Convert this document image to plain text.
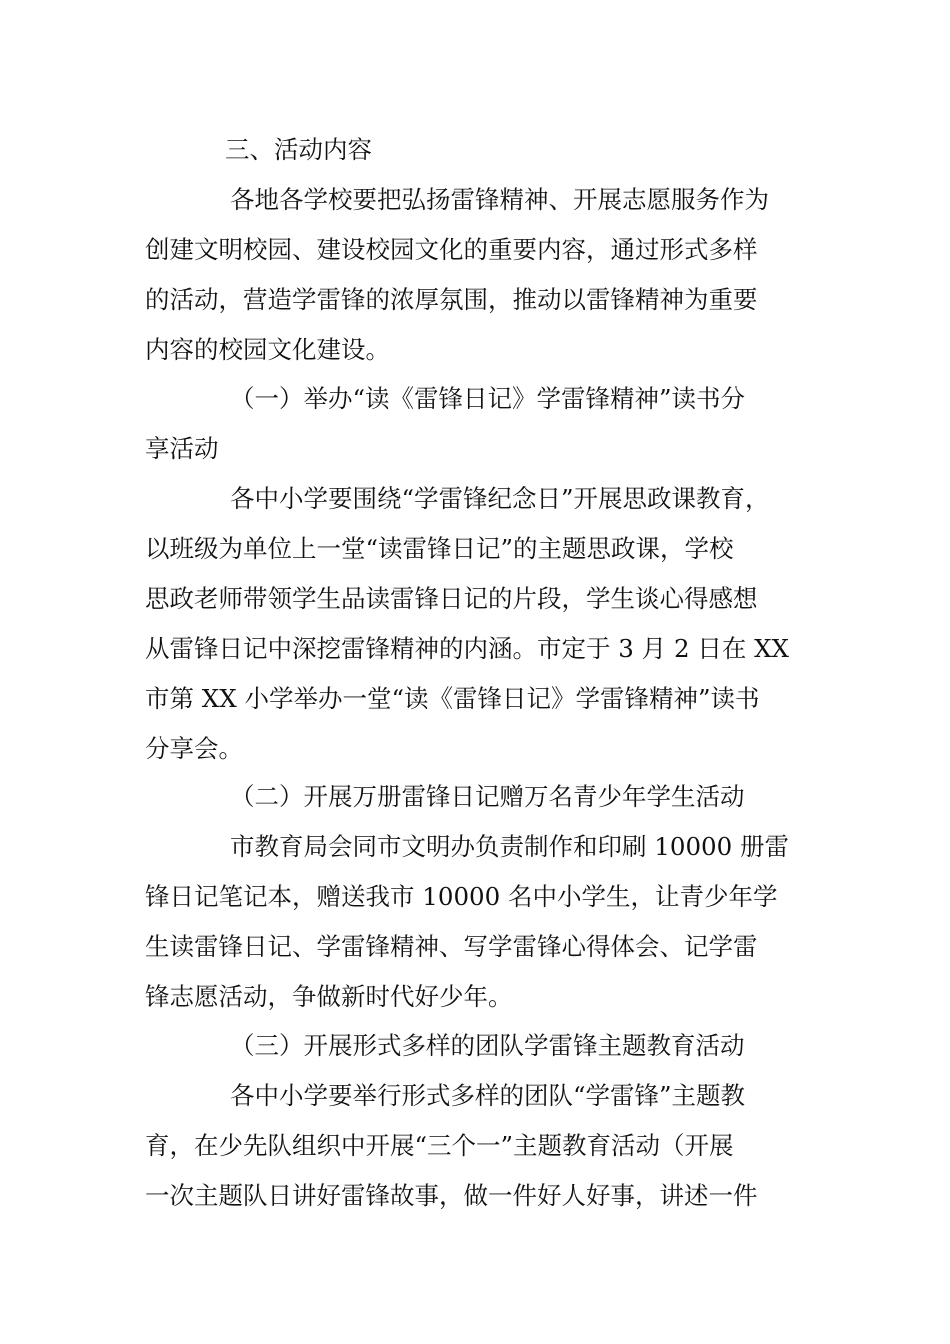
三、活动内容
各地各学校要把弘扬雷锋精神、开展志愿服务作为
创建文明校园、建设校园文化的重要内容，通过形式多样
的活动，营造学雷锋的浓厚氛围，推动以雷锋精神为重要
内容的校园文化建设。
（一）举办“读《雷锋日记》学雷锋精神”读书分
享活动
各中小学要围绕“学雷锋纪念日”开展思政课教育，
以班级为单位上一堂“读雷锋日记”的主题思政课，学校
思政老师带领学生品读雷锋日记的片段，学生谈心得感想
从雷锋日记中深挖雷锋精神的内涵。市定于 3 月 2 日在 XX
市第 XX 小学举办一堂“读《雷锋日记》学雷锋精神”读书
分享会。
（二）开展万册雷锋日记赠万名青少年学生活动
市教育局会同市文明办负责制作和印刷 10000 册雷
锋日记笔记本，赠送我市 10000 名中小学生，让青少年学
生读雷锋日记、学雷锋精神、写学雷锋心得体会、记学雷
锋志愿活动，争做新时代好少年。
（三）开展形式多样的团队学雷锋主题教育活动
各中小学要举行形式多样的团队“学雷锋”主题教
育，在少先队组织中开展“三个一”主题教育活动（开展
一次主题队日讲好雷锋故事，做一件好人好事，讲述一件
